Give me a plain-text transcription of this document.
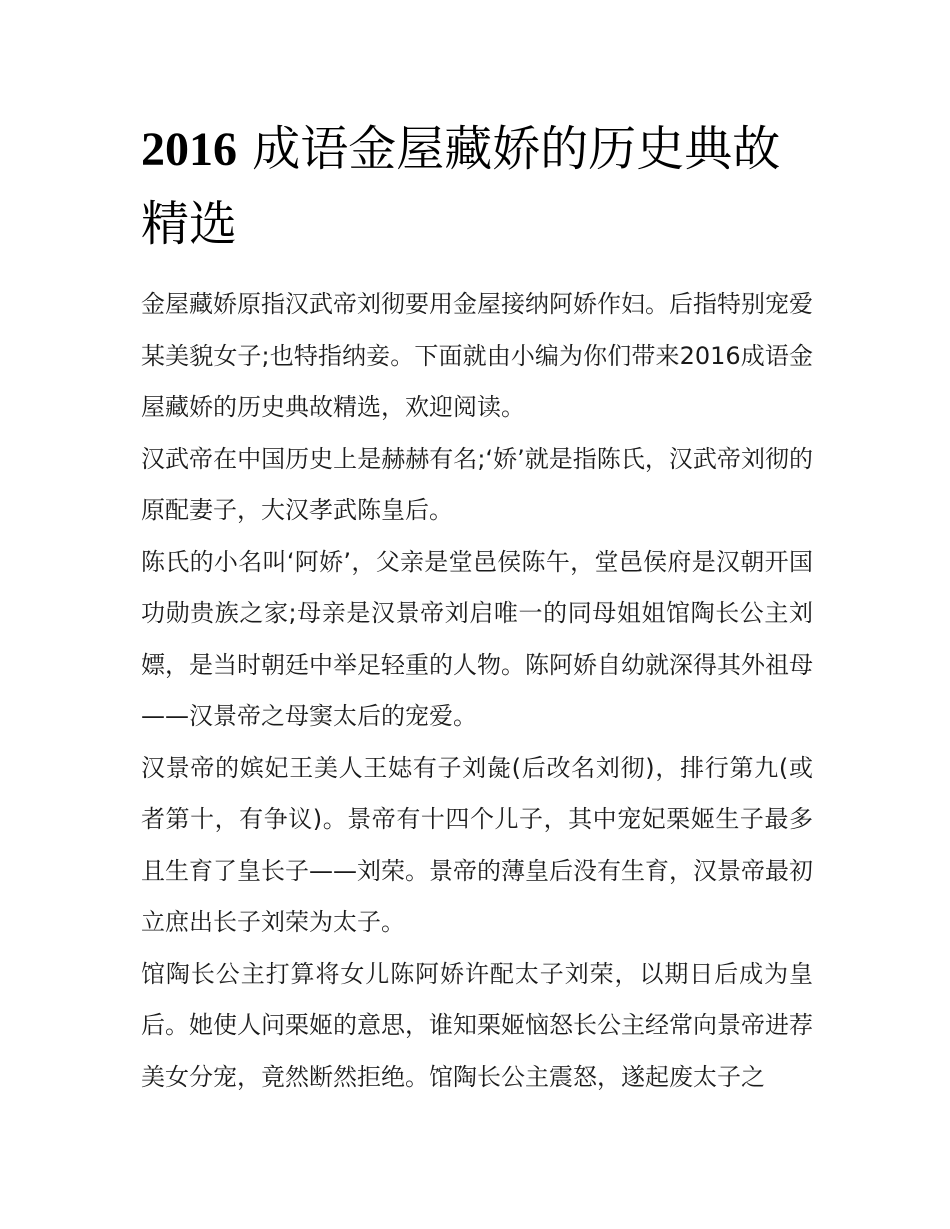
2016 成语金屋藏娇的历史典故精选

金屋藏娇原指汉武帝刘彻要用金屋接纳阿娇作妇。后指特别宠爱某美貌女子;也特指纳妾。下面就由小编为你们带来2016成语金屋藏娇的历史典故精选，欢迎阅读。

汉武帝在中国历史上是赫赫有名;‘娇’就是指陈氏，汉武帝刘彻的原配妻子，大汉孝武陈皇后。

陈氏的小名叫‘阿娇’，父亲是堂邑侯陈午，堂邑侯府是汉朝开国功勋贵族之家;母亲是汉景帝刘启唯一的同母姐姐馆陶长公主刘嫖，是当时朝廷中举足轻重的人物。陈阿娇自幼就深得其外祖母——汉景帝之母窦太后的宠爱。

汉景帝的嫔妃王美人王娡有子刘彘(后改名刘彻)，排行第九(或者第十，有争议)。景帝有十四个儿子，其中宠妃栗姬生子最多且生育了皇长子——刘荣。景帝的薄皇后没有生育，汉景帝最初立庶出长子刘荣为太子。

馆陶长公主打算将女儿陈阿娇许配太子刘荣，以期日后成为皇后。她使人问栗姬的意思，谁知栗姬恼怒长公主经常向景帝进荐美女分宠，竟然断然拒绝。馆陶长公主震怒，遂起废太子之
